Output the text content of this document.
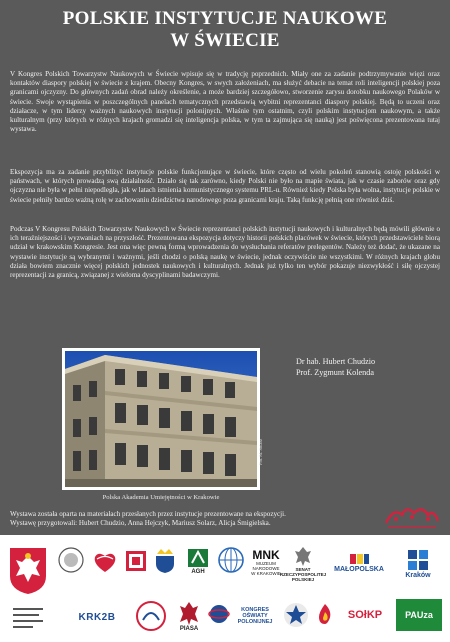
POLSKIE INSTYTUCJE NAUKOWE
W ŚWIECIE

V Kongres Polskich Towarzystw Naukowych w Świecie wpisuje się w tradycję poprzednich. Miały one za zadanie podtrzymywanie więzi oraz kontaktów diaspory polskiej w świecie z krajem. Obecny Kongres, w swych założeniach, ma służyć debacie na temat roli inteligencji polskiej poza granicami ojczyzny. Do głównych zadań obrad należy określenie, a może bardziej szczegółowo, stworzenie zarysu dorobku naukowego Polaków w świecie. Swoje wystąpienia w poszczególnych panelach tematycznych przedstawią wybitni reprezentanci diaspory polskiej. Będą to uczeni oraz działacze, w tym liderzy ważnych naukowych instytucji polonijnych. Właśnie tym ostatnim, czyli polskim instytucjom naukowym, a także kulturalnym (przy których w różnych krajach gromadzi się inteligencja polska, w tym ta zajmująca się nauką) jest poświęcona prezentowana tutaj wystawa.

Ekspozycja ma za zadanie przybliżyć instytucje polskie funkcjonujące w świecie, które często od wielu pokoleń stanowią ostoję polskości w państwach, w których prowadzą swą działalność. Działo się tak zarówno, kiedy Polski nie było na mapie świata, jak w czasie zaborów oraz gdy ojczyzna nie była w pełni niepodległa, jak w latach istnienia komunistycznego systemu PRL-u. Również kiedy Polska była wolna, instytucje polskie w świecie pełniły bardzo ważną rolę w zachowaniu dziedzictwa narodowego poza granicami kraju. Taką funkcję pełnią one również dziś.

Podczas V Kongresu Polskich Towarzystw Naukowych w Świecie reprezentanci polskich instytucji naukowych i kulturalnych będą mówili głównie o ich teraźniejszości i wyzwaniach na przyszłość. Prezentowana ekspozycja dotyczy historii polskich placówek w świecie, których przedstawiciele biorą udział w krakowskim Kongresie. Jest ona więc pewną formą wprowadzenia do wysłuchania referatów prelegentów. Należy też dodać, że ukazane na wystawie instytucje są wybranymi i ważnymi, jeśli chodzi o polską naukę w świecie, jednak oczywiście nie wszystkimi. W różnych krajach globu działa bowiem znacznie więcej polskich jednostek naukowych i kulturalnych. Jednak już tylko ten wybór pokazuje niezwykłość i siłę ojczystej reprezentacji za granicą, związanej z wieloma dyscyplinami badawczymi.

Fot. M. Solarz
Polska Akademia Umiejętności w Krakowie
Dr hab. Hubert Chudzio
Prof. Zygmunt Kolenda
Wystawa została oparta na materiałach przesłanych przez instytucje prezentowane na ekspozycji.
Wystawę przygotowali: Hubert Chudzio, Anna Hejczyk, Mariusz Solarz, Alicja Śmigielska.
AGH
MNK
MUZEUM NARODOWE W KRAKOWIE
SENAT RZECZYPOSPOLITEJ POLSKIEJ
MAŁOPOLSKA
Kraków
KRK2B
PIASA
KONGRES OŚWIATY POLONIJNEJ
SOłKP	PAUza
